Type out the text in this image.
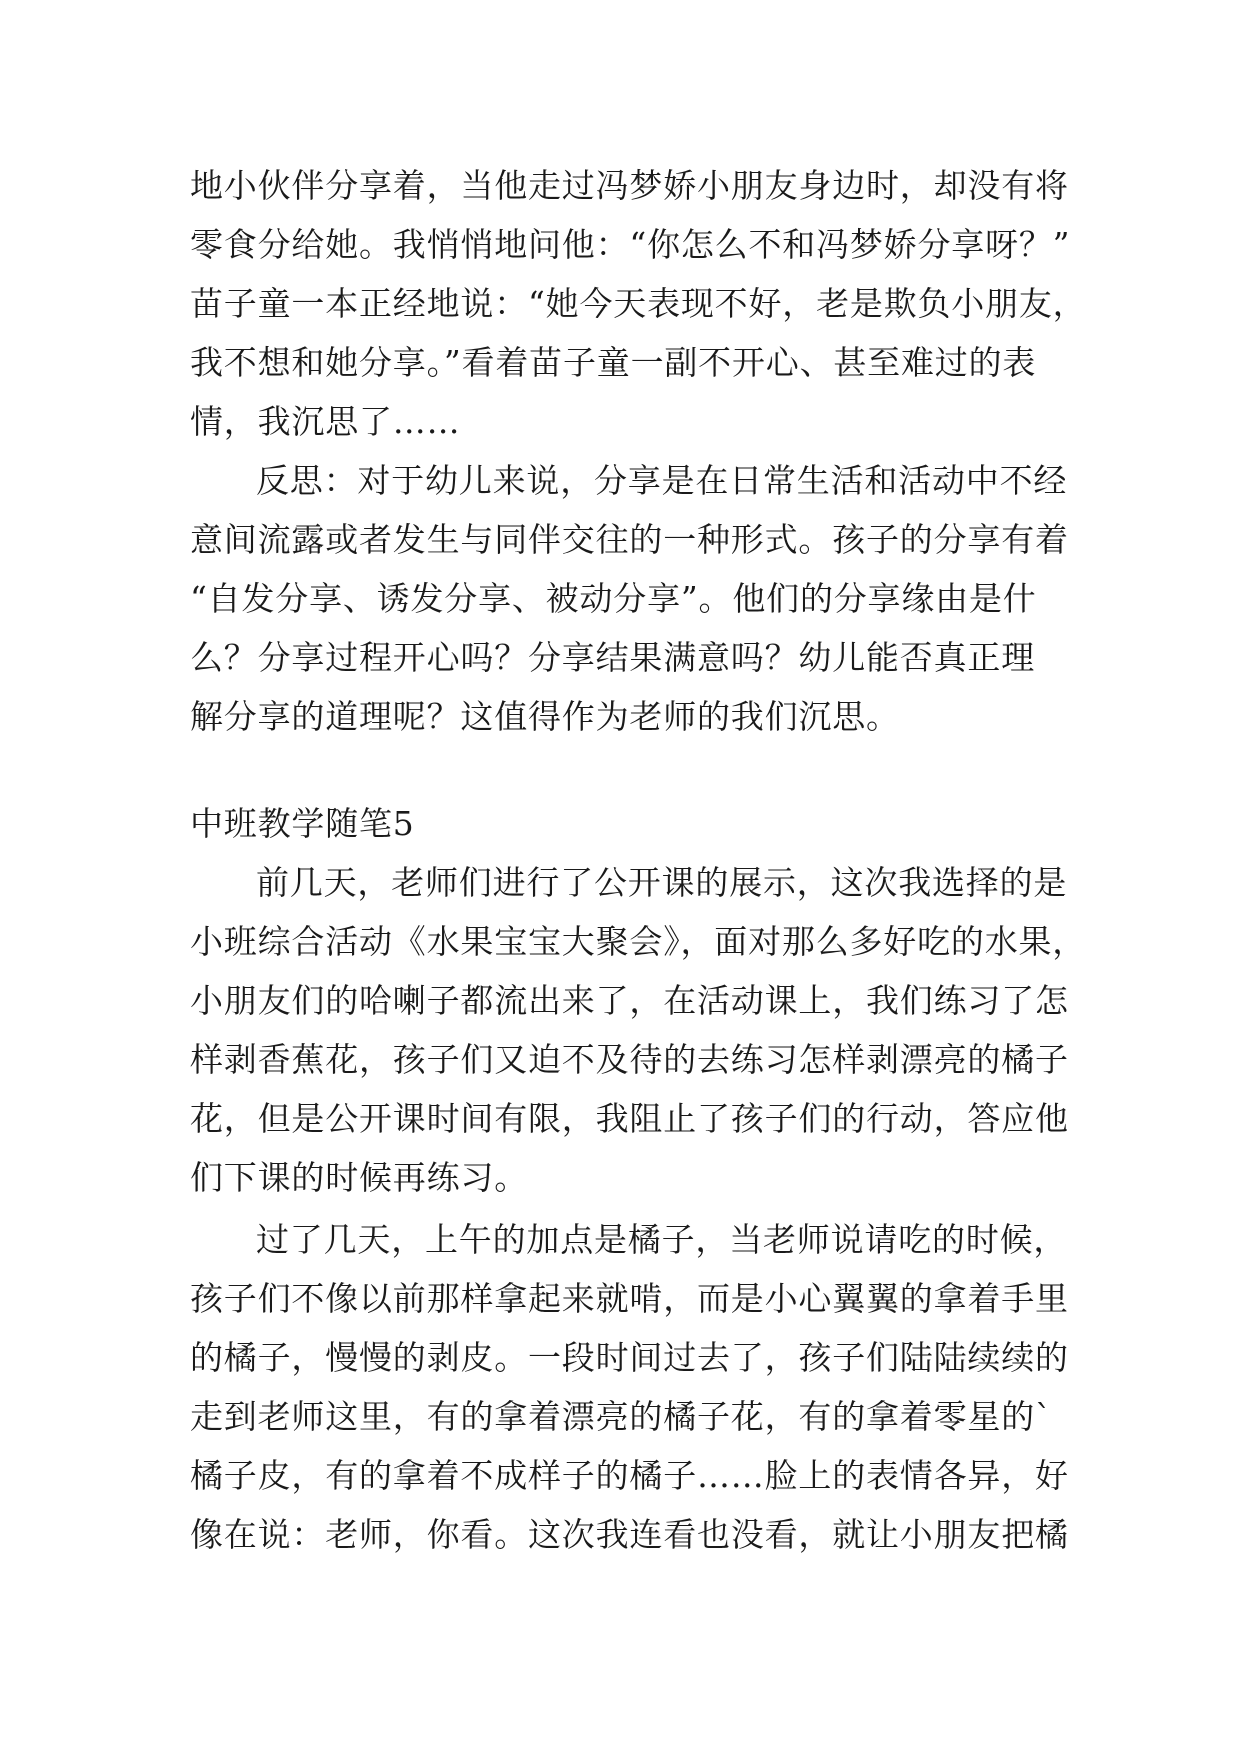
地小伙伴分享着，当他走过冯梦娇小朋友身边时，却没有将
零食分给她。我悄悄地问他：“你怎么不和冯梦娇分享呀？”
苗子童一本正经地说：“她今天表现不好，老是欺负小朋友，
我不想和她分享。”看着苗子童一副不开心、甚至难过的表
情，我沉思了……
反思：对于幼儿来说，分享是在日常生活和活动中不经
意间流露或者发生与同伴交往的一种形式。孩子的分享有着
“自发分享、诱发分享、被动分享”。他们的分享缘由是什
么？分享过程开心吗？分享结果满意吗？幼儿能否真正理
解分享的道理呢？这值得作为老师的我们沉思。
中班教学随笔5
前几天，老师们进行了公开课的展示，这次我选择的是
小班综合活动《水果宝宝大聚会》，面对那么多好吃的水果，
小朋友们的哈喇子都流出来了，在活动课上，我们练习了怎
样剥香蕉花，孩子们又迫不及待的去练习怎样剥漂亮的橘子
花，但是公开课时间有限，我阻止了孩子们的行动，答应他
们下课的时候再练习。
过了几天，上午的加点是橘子，当老师说请吃的时候，
孩子们不像以前那样拿起来就啃，而是小心翼翼的拿着手里
的橘子，慢慢的剥皮。一段时间过去了，孩子们陆陆续续的
走到老师这里，有的拿着漂亮的橘子花，有的拿着零星的`
橘子皮，有的拿着不成样子的橘子……脸上的表情各异，好
像在说：老师，你看。这次我连看也没看，就让小朋友把橘
